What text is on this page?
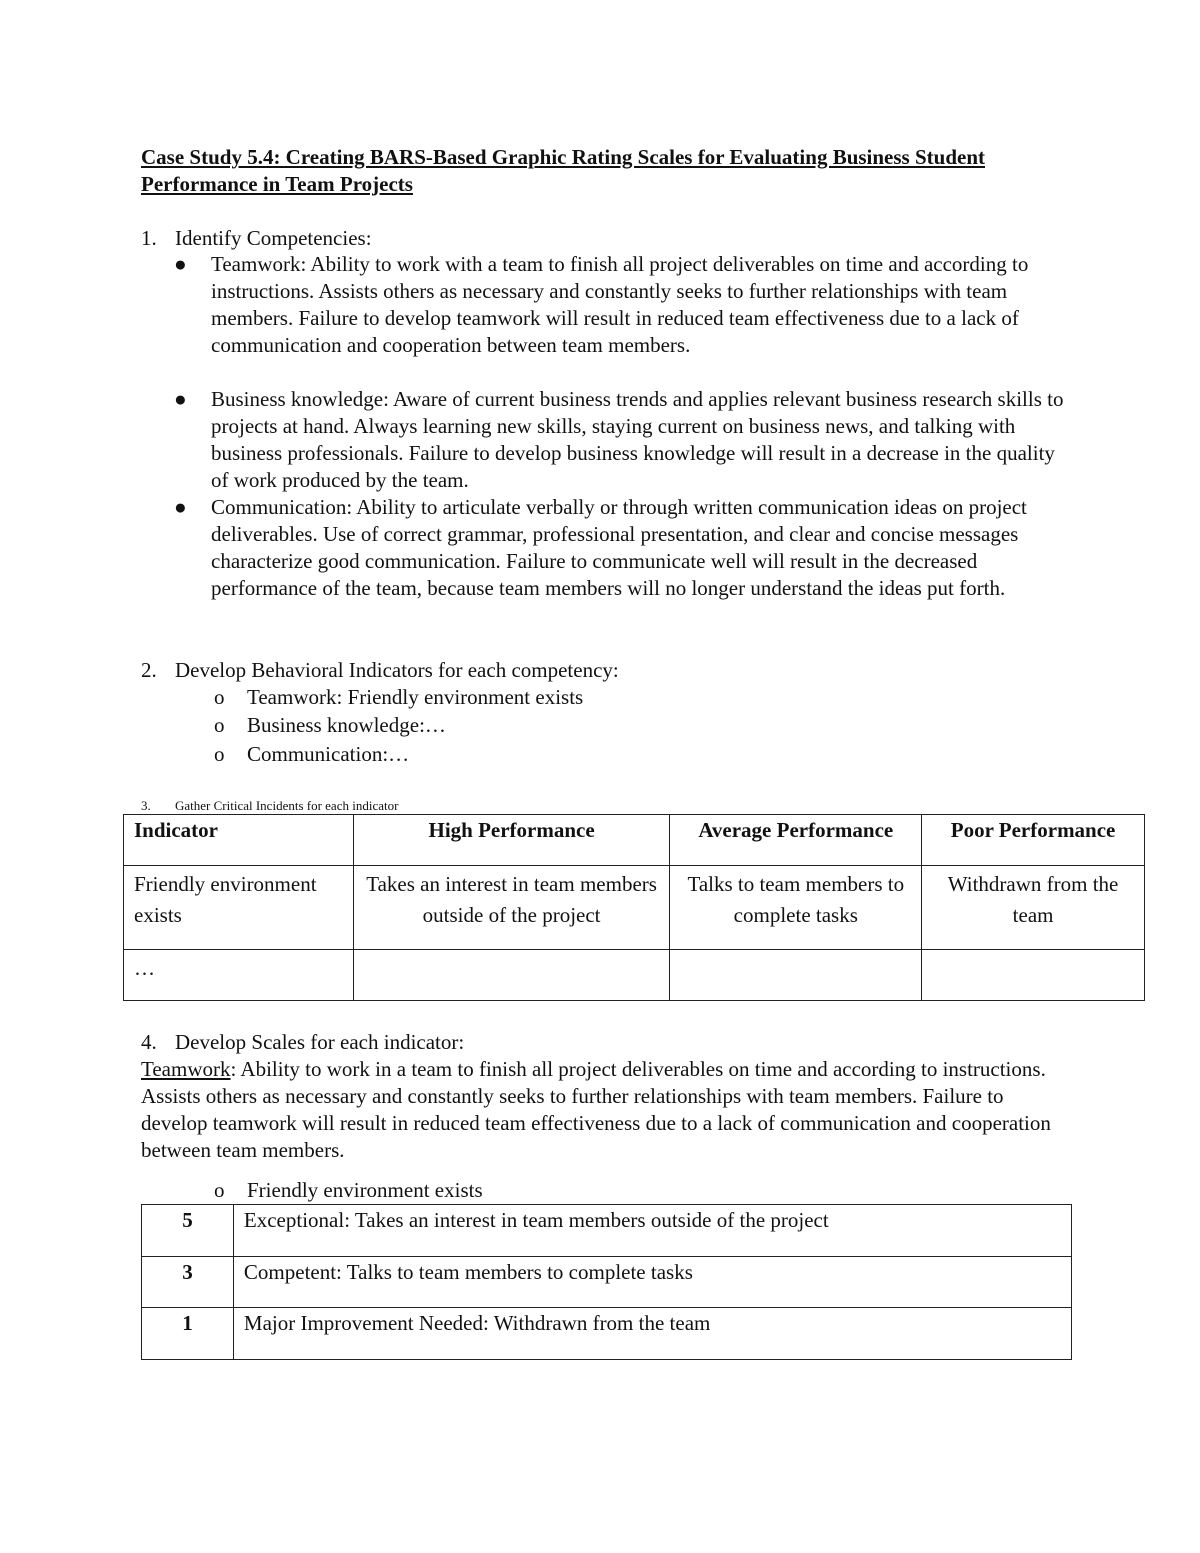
Case Study 5.4: Creating BARS-Based Graphic Rating Scales for Evaluating Business Student Performance in Team Projects

1. Identify Competencies:
●	Teamwork: Ability to work with a team to finish all project deliverables on time and according to instructions. Assists others as necessary and constantly seeks to further relationships with team members. Failure to develop teamwork will result in reduced team effectiveness due to a lack of communication and cooperation between team members.

● Business knowledge: Aware of current business trends and applies relevant business research skills to projects at hand. Always learning new skills, staying current on business news, and talking with business professionals. Failure to develop business knowledge will result in a decrease in the quality of work produced by the team.

● Communication: Ability to articulate verbally or through written communication ideas on project deliverables. Use of correct grammar, professional presentation, and clear and concise messages characterize good communication. Failure to communicate well will result in the decreased performance of the team, because team members will no longer understand the ideas put forth.

2. Develop Behavioral Indicators for each competency:
o Teamwork: Friendly environment exists
o Business knowledge:…
o Communication:…
3. Gather Critical Incidents for each indicator
Indicator	High Performance	Average Performance	Poor Performance
Friendly environment exists	Takes an interest in team members outside of the project	Talks to team members to complete tasks	Withdrawn from the team
…			
4. Develop Scales for each indicator:

Teamwork: Ability to work in a team to finish all project deliverables on time and according to instructions. Assists others as necessary and constantly seeks to further relationships with team members. Failure to develop teamwork will result in reduced team effectiveness due to a lack of communication and cooperation between team members.

o Friendly environment exists
5	Exceptional: Takes an interest in team members outside of the project
3	Competent: Talks to team members to complete tasks
1	Major Improvement Needed: Withdrawn from the team
